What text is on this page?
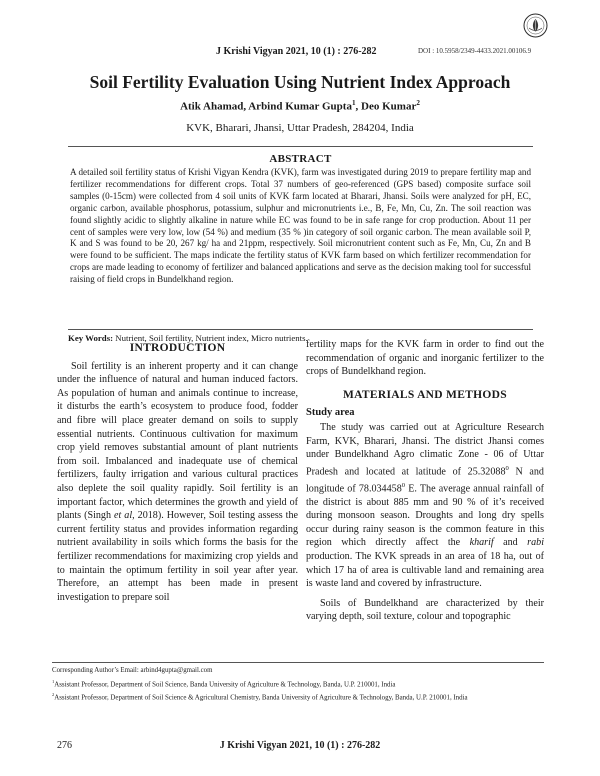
J Krishi Vigyan 2021, 10 (1) : 276-282	DOI : 10.5958/2349-4433.2021.00106.9
Soil Fertility Evaluation Using Nutrient Index Approach
Atik Ahamad, Arbind Kumar Gupta$^1$, Deo Kumar$^2$
KVK, Bharari, Jhansi, Uttar Pradesh, 284204, India
ABSTRACT
A detailed soil fertility status of Krishi Vigyan Kendra (KVK), farm was investigated during 2019 to prepare fertility map and fertilizer recommendations for different crops. Total 37 numbers of geo-referenced (GPS based) composite surface soil samples (0-15cm) were collected from 4 soil units of KVK farm located at Bharari, Jhansi. Soils were analyzed for pH, EC, organic carbon, available phosphorus, potassium, sulphur and micronutrients i.e., B, Fe, Mn, Cu, Zn. The soil reaction was found slightly acidic to slightly alkaline in nature while EC was found to be in safe range for crop production. About 11 per cent of samples were very low, low (54 %) and medium (35 % )in category of soil organic carbon. The mean available soil P, K and S was found to be 20, 267 kg/ ha and 21ppm, respectively. Soil micronutrient content such as Fe, Mn, Cu, Zn and B were found to be sufficient. The maps indicate the fertility status of KVK farm based on which fertilizer recommendation for crops are made leading to economy of fertilizer and balanced applications and serve as the decision making tool for successful raising of field crops in Bundelkhand region.
Key Words: Nutrient, Soil fertility, Nutrient index, Micro nutrients.
INTRODUCTION

Soil fertility is an inherent property and it can change under the influence of natural and human induced factors. As population of human and animals continue to increase, it disturbs the earth’s ecosystem to produce food, fodder and fibre will place greater demand on soils to supply essential nutrients. Continuous cultivation for maximum crop yield removes substantial amount of plant nutrients from soil. Imbalanced and inadequate use of chemical fertilizers, faulty irrigation and various cultural practices also deplete the soil quality rapidly. Soil fertility is an important factor, which determines the growth and yield of plants (Singh et al, 2018). However, Soil testing assess the current fertility status and provides information regarding nutrient availability in soils which forms the basis for the fertilizer recommendations for maximizing crop yields and to maintain the optimum fertility in soil year after year. Therefore, an attempt has been made in present investigation to prepare soil

fertility maps for the KVK farm in order to find out the recommendation of organic and inorganic fertilizer to the crops of Bundelkhand region.

MATERIALS AND METHODS
Study area

The study was carried out at Agriculture Research Farm, KVK, Bharari, Jhansi. The district Jhansi comes under Bundelkhand Agro climatic Zone - 06 of Uttar Pradesh and located at latitude of 25.32088$^0$ N and longitude of 78.034458$^0$ E. The average annual rainfall of the district is about 885 mm and 90 % of it’s received during monsoon season. Droughts and long dry spells occur during rainy season is the common feature in this region which directly affect the kharif and rabi production. The KVK spreads in an area of 18 ha, out of which 17 ha of area is cultivable land and remaining area is waste land and covered by infrastructure.

Soils of Bundelkhand are characterized by their varying depth, soil texture, colour and topographic

Corresponding Author’s Email: arbind4gupta@gmail.com
$^1$Assistant Professor, Department of Soil Science, Banda University of Agriculture & Technology, Banda, U.P. 210001, India
$^2$Assistant Professor, Department of Soil Science & Agricultural Chemistry, Banda University of Agriculture & Technology, Banda, U.P. 210001, India
276	J Krishi Vigyan 2021, 10 (1) : 276-282
